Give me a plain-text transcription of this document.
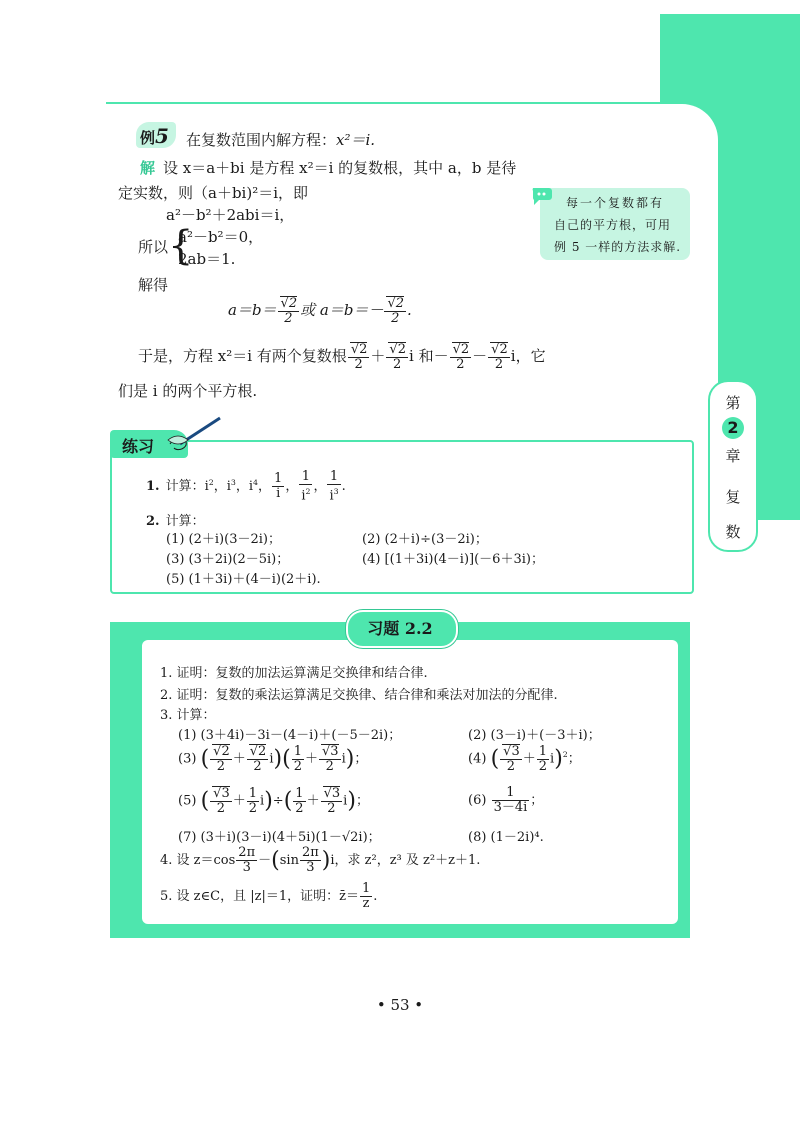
第
2
章
复
数
例5 在复数范围内解方程：x²＝i.
解 设 x＝a＋bi 是方程 x²＝i 的复数根，其中 a，b 是待
定实数，则（a＋bi)²＝i，即
a²－b²＋2abi＝i，
所以 {
a²－b²＝0，
2ab＝1.
解得
a＝b＝ √ $\frac{2}{2}$ 或 a＝b＝－ √ $\frac{2}{2}$ .
于是，方程 x²＝i 有两个复数根 √ $\frac{2}{2}$ ＋ √ $\frac{2}{2}$ i 和－ √ $\frac{2}{2}$ － √ $\frac{2}{2}$ i，它
们是 i 的两个平方根.
每一个复数都有
自己的平方根，可用
例 5 一样的方法求解.
练习
1. 计算：$i^2$，$i^3$，$i^4$， $\frac{1}{i}$ ， $\frac{1}{i^2}$ ， $\frac{1}{i^3}$ .
2. 计算：
(1) (2＋i)(3－2i)；	(2) (2＋i)÷(3－2i)；
(3) (3＋2i)(2－5i)；	(4) [(1＋3i)(4－i)](－6＋3i)；
(5) (1＋3i)＋(4－i)(2＋i).
习题 2.2
1. 证明：复数的加法运算满足交换律和结合律.
2. 证明：复数的乘法运算满足交换律、结合律和乘法对加法的分配律.
3. 计算：
(1) (3＋4i)－3i－(4－i)＋(－5－2i)；	(2) (3－i)＋(－3＋i)；
(3) ( √ $\frac{2}{2}$ ＋ √ $\frac{2}{2} i)( \frac{1}{2}$ ＋ √ $\frac{3}{2} i$)；	(4) ( √ $\frac{3}{2} + \frac{1}{2} i)^2$；
(5) ( √ $\frac{3}{2} + \frac{1}{2} i)\div( \frac{1}{2}$ ＋ √ $\frac{3}{2} i$)；	$(6) \frac{1}{3-4i}$ ；
(7) (3＋i)(3－i)(4＋5i)(1－√2i)；	(8) (1－2i)⁴.
4. 设 $z=\cos \frac{2\pi}{3} -(\sin \frac{2\pi}{3} )i$，求 z²，z³ 及 z²＋z＋1.
5. 设 z∈C，且 |z|＝1，证明：z̄＝ $\frac{1}{z}$ .
• 53 •
